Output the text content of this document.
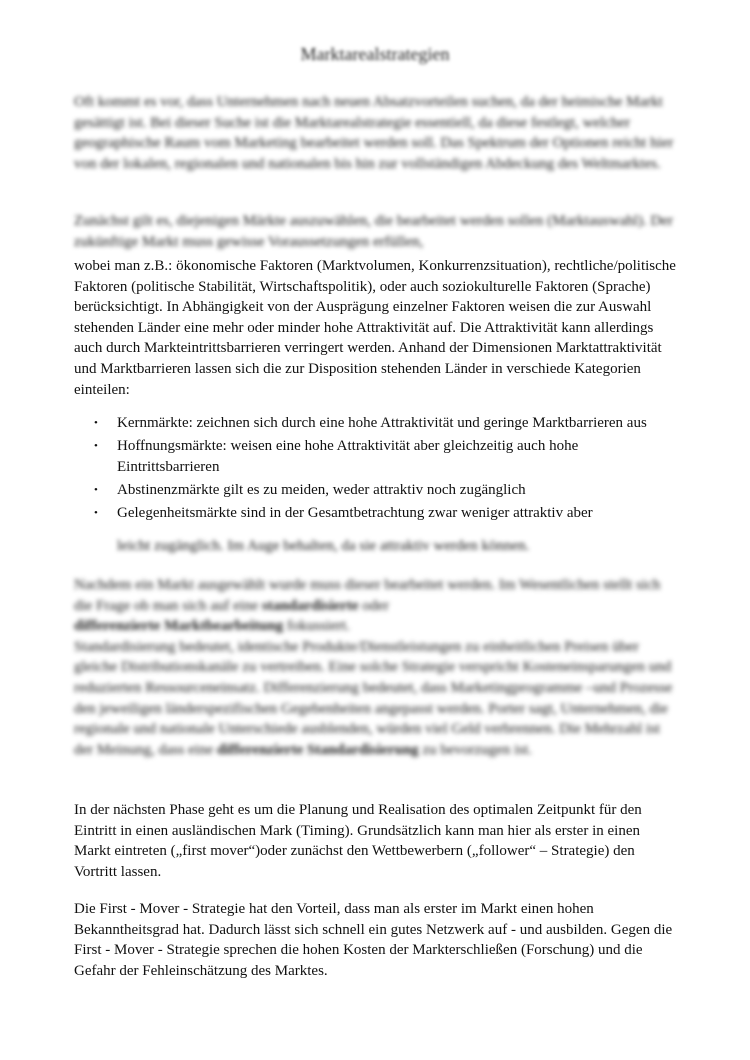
Marktarealstrategien

Oft kommt es vor, dass Unternehmen nach neuen Absatzvorteilen suchen, da der heimische Markt gesättigt ist. Bei dieser Suche ist die Marktarealstrategie essentiell, da diese festlegt, welcher geographische Raum vom Marketing bearbeitet werden soll. Das Spektrum der Optionen reicht hier von der lokalen, regionalen und nationalen bis hin zur vollständigen Abdeckung des Weltmarktes.

Zunächst gilt es, diejenigen Märkte auszuwählen, die bearbeitet werden sollen (Marktauswahl). Der zukünftige Markt muss gewisse Voraussetzungen erfüllen,

wobei man z.B.: ökonomische Faktoren (Marktvolumen, Konkurrenzsituation), rechtliche/politische Faktoren (politische Stabilität, Wirtschaftspolitik), oder auch soziokulturelle Faktoren (Sprache) berücksichtigt. In Abhängigkeit von der Ausprägung einzelner Faktoren weisen die zur Auswahl stehenden Länder eine mehr oder minder hohe Attraktivität auf. Die Attraktivität kann allerdings auch durch Markteintrittsbarrieren verringert werden. Anhand der Dimensionen Marktattraktivität und Marktbarrieren lassen sich die zur Disposition stehenden Länder in verschiede Kategorien einteilen:

• Kernmärkte: zeichnen sich durch eine hohe Attraktivität und geringe Marktbarrieren aus
• Hoffnungsmärkte: weisen eine hohe Attraktivität aber gleichzeitig auch hohe Eintrittsbarrieren
• Abstinenzmärkte gilt es zu meiden, weder attraktiv noch zugänglich
• Gelegenheitsmärkte sind in der Gesamtbetrachtung zwar weniger attraktiv aber
leicht zugänglich. Im Auge behalten, da sie attraktiv werden können.

Nachdem ein Markt ausgewählt wurde muss dieser bearbeitet werden. Im Wesentlichen stellt sich die Frage ob man sich auf eine standardisierte oder
differenzierte Marktbearbeitung fokussiert.
Standardisierung bedeutet, identische Produkte/Dienstleistungen zu einheitlichen Preisen über gleiche Distributionskanäle zu vertreiben. Eine solche Strategie verspricht Kosteneinsparungen und reduzierten Ressourceneinsatz. Differenzierung bedeutet, dass Marketingprogramme –und Prozesse den jeweiligen länderspezifischen Gegebenheiten angepasst werden. Porter sagt, Unternehmen, die regionale und nationale Unterschiede ausblenden, würden viel Geld verbrennen. Die Mehrzahl ist der Meinung, dass eine differenzierte Standardisierung zu bevorzugen ist.

In der nächsten Phase geht es um die Planung und Realisation des optimalen Zeitpunkt für den Eintritt in einen ausländischen Mark (Timing). Grundsätzlich kann man hier als erster in einen Markt eintreten („first mover“)oder zunächst den Wettbewerbern („follower“ – Strategie) den Vortritt lassen.

Die First - Mover - Strategie hat den Vorteil, dass man als erster im Markt einen hohen Bekanntheitsgrad hat. Dadurch lässt sich schnell ein gutes Netzwerk auf - und ausbilden. Gegen die First - Mover - Strategie sprechen die hohen Kosten der Markterschließen (Forschung) und die Gefahr der Fehleinschätzung des Marktes.
